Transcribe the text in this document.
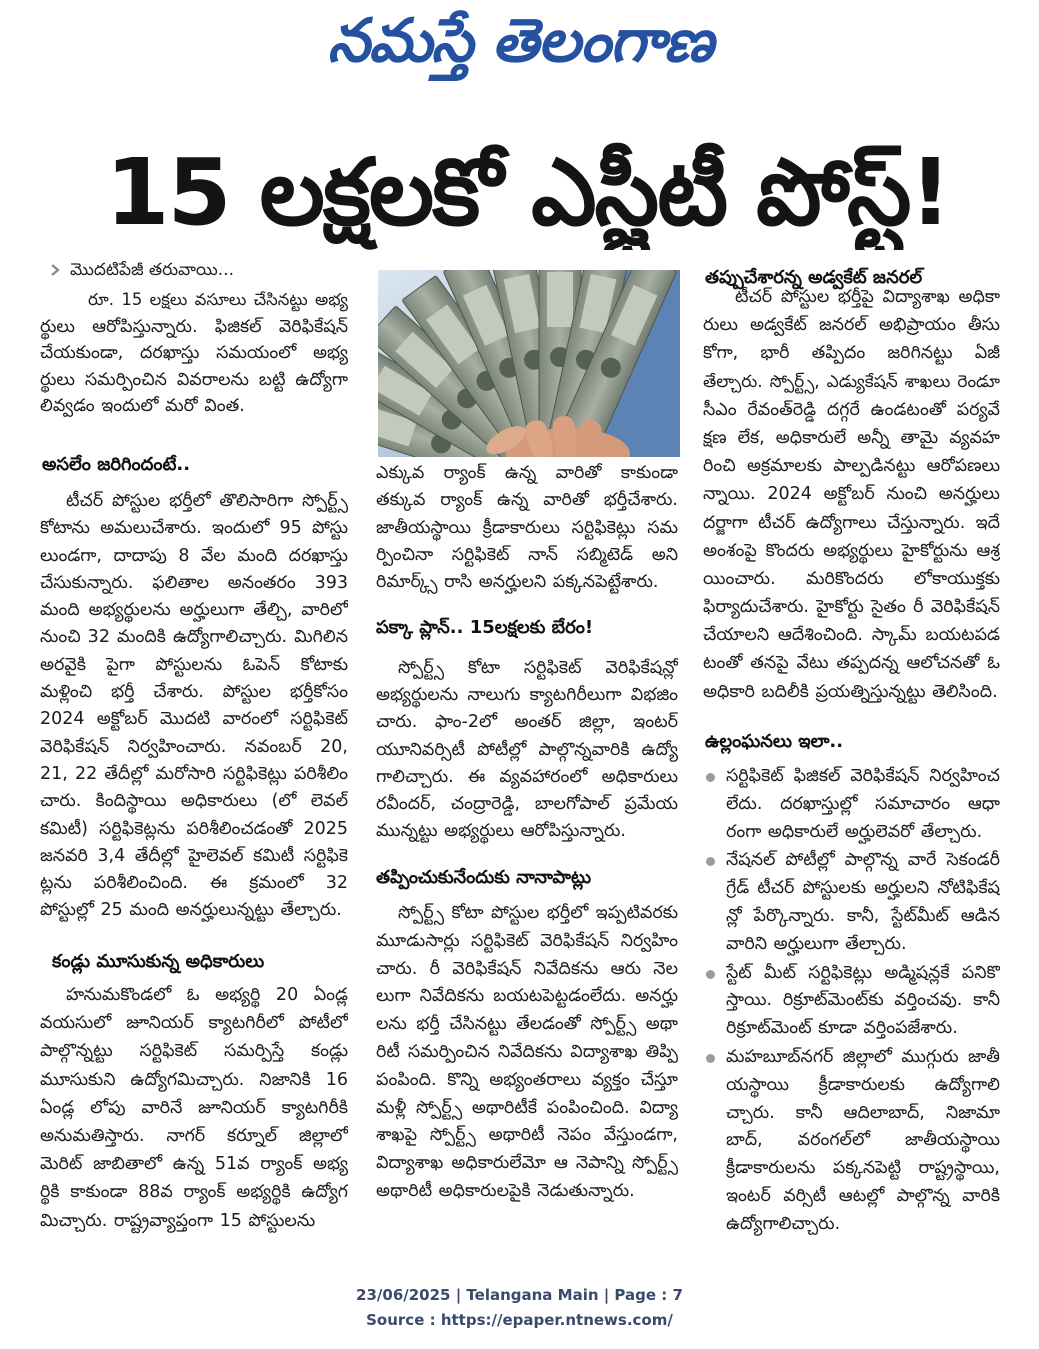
నమస్తే తెలంగాణ
15 లక్షలకో ఎస్జీటీ పోస్ట్!
మొదటిపేజీ తరువాయి...
రూ. 15 లక్షలు వసూలు చేసినట్టు అభ్య
ర్థులు ఆరోపిస్తున్నారు. ఫిజికల్ వెరిఫికేషన్
చేయకుండా, దరఖాస్తు సమయంలో అభ్య
ర్థులు సమర్పించిన వివరాలను బట్టి ఉద్యోగా
లివ్వడం ఇందులో మరో వింత.
అసలేం జరిగిందంటే..
టీచర్ పోస్టుల భర్తీలో తొలిసారిగా స్పోర్ట్స్
కోటాను అమలుచేశారు. ఇందులో 95 పోస్టు
లుండగా, దాదాపు 8 వేల మంది దరఖాస్తు
చేసుకున్నారు. ఫలితాల అనంతరం 393
మంది అభ్యర్థులను అర్హులుగా తేల్చి, వారిలో
నుంచి 32 మందికి ఉద్యోగాలిచ్చారు. మిగిలిన
అరవైకి పైగా పోస్టులను ఓపెన్ కోటాకు
మళ్లించి భర్తీ చేశారు. పోస్టుల భర్తీకోసం
2024 అక్టోబర్ మొదటి వారంలో సర్టిఫికెట్
వెరిఫికేషన్ నిర్వహించారు. నవంబర్ 20,
21, 22 తేదీల్లో మరోసారి సర్టిఫికెట్లు పరిశీలిం
చారు. కిందిస్థాయి అధికారులు (లో లెవల్
కమిటీ) సర్టిఫికెట్లను పరిశీలించడంతో 2025
జనవరి 3,4 తేదీల్లో హైలెవల్ కమిటీ సర్టిఫికె
ట్లను పరిశీలించింది. ఈ క్రమంలో 32
పోస్టుల్లో 25 మంది అనర్హులున్నట్టు తేల్చారు.
కండ్లు మూసుకున్న అధికారులు
హనుమకొండలో ఓ అభ్యర్థి 20 ఏండ్ల
వయసులో జూనియర్ క్యాటగిరీలో పోటీలో
పాల్గొన్నట్టు సర్టిఫికెట్ సమర్పిస్తే కండ్లు
మూసుకుని ఉద్యోగమిచ్చారు. నిజానికి 16
ఏండ్ల లోపు వారినే జూనియర్ క్యాటగిరీకి
అనుమతిస్తారు. నాగర్ కర్నూల్ జిల్లాలో
మెరిట్ జాబితాలో ఉన్న 51వ ర్యాంక్ అభ్య
ర్థికి కాకుండా 88వ ర్యాంక్ అభ్యర్థికి ఉద్యోగ
మిచ్చారు. రాష్ట్రవ్యాప్తంగా 15 పోస్టులను
ఎక్కువ ర్యాంక్ ఉన్న వారితో కాకుండా
తక్కువ ర్యాంక్ ఉన్న వారితో భర్తీచేశారు.
జాతీయస్థాయి క్రీడాకారులు సర్టిఫికెట్లు సమ
ర్పించినా సర్టిఫికెట్ నాన్ సబ్మిటెడ్ అని
రిమార్క్స్ రాసి అనర్హులని పక్కనపెట్టేశారు.
పక్కా ప్లాన్.. 15లక్షలకు బేరం!
స్పోర్ట్స్ కోటా సర్టిఫికెట్ వెరిఫికేషన్లో
అభ్యర్థులను నాలుగు క్యాటగిరీలుగా విభజిం
చారు. ఫాం-2లో అంతర్ జిల్లా, ఇంటర్
యూనివర్సిటీ పోటీల్లో పాల్గొన్నవారికి ఉద్యో
గాలిచ్చారు. ఈ వ్యవహారంలో అధికారులు
రవీందర్, చంద్రారెడ్డి, బాలగోపాల్ ప్రమేయ
మున్నట్టు అభ్యర్థులు ఆరోపిస్తున్నారు.
తప్పించుకునేందుకు నానాపాట్లు
స్పోర్ట్స్ కోటా పోస్టుల భర్తీలో ఇప్పటివరకు
మూడుసార్లు సర్టిఫికెట్ వెరిఫికేషన్ నిర్వహిం
చారు. రీ వెరిఫికేషన్ నివేదికను ఆరు నెల
లుగా నివేదికను బయటపెట్టడంలేదు. అనర్హు
లను భర్తీ చేసినట్టు తేలడంతో స్పోర్ట్స్ అథా
రిటీ సమర్పించిన నివేదికను విద్యాశాఖ తిప్పి
పంపింది. కొన్ని అభ్యంతరాలు వ్యక్తం చేస్తూ
మళ్లీ స్పోర్ట్స్ అథారిటీకే పంపించింది. విద్యా
శాఖపై స్పోర్ట్స్ అథారిటీ నెపం వేస్తుండగా,
విద్యాశాఖ అధికారులేమో ఆ నెపాన్ని స్పోర్ట్స్
అథారిటీ అధికారులపైకి నెడుతున్నారు.
తప్పుచేశారన్న అడ్వకేట్ జనరల్
టీచర్ పోస్టుల భర్తీపై విద్యాశాఖ అధికా
రులు అడ్వకేట్ జనరల్ అభిప్రాయం తీసు
కోగా, భారీ తప్పిదం జరిగినట్టు ఏజీ
తేల్చారు. స్పోర్ట్స్, ఎడ్యుకేషన్ శాఖలు రెండూ
సీఎం రేవంత్‌రెడ్డి దగ్గరే ఉండటంతో పర్యవే
క్షణ లేక, అధికారులే అన్నీ తామై వ్యవహ
రించి అక్రమాలకు పాల్పడినట్టు ఆరోపణలు
న్నాయి. 2024 అక్టోబర్ నుంచి అనర్హులు
దర్జాగా టీచర్ ఉద్యోగాలు చేస్తున్నారు. ఇదే
అంశంపై కొందరు అభ్యర్థులు హైకోర్టును ఆశ్ర
యించారు. మరికొందరు లోకాయుక్తకు
ఫిర్యాదుచేశారు. హైకోర్టు సైతం రీ వెరిఫికేషన్
చేయాలని ఆదేశించింది. స్కామ్ బయటపడ
టంతో తనపై వేటు తప్పదన్న ఆలోచనతో ఓ
అధికారి బదిలీకి ప్రయత్నిస్తున్నట్టు తెలిసింది.
ఉల్లంఘనలు ఇలా..
సర్టిఫికెట్ ఫిజికల్ వెరిఫికేషన్ నిర్వహించ
లేదు. దరఖాస్తుల్లో సమాచారం ఆధా
రంగా అధికారులే అర్హులెవరో తేల్చారు.
నేషనల్ పోటీల్లో పాల్గొన్న వారే సెకండరీ
గ్రేడ్ టీచర్ పోస్టులకు అర్హులని నోటిఫికేష
న్లో పేర్కొన్నారు. కానీ, స్టేట్‌మీట్ ఆడిన
వారిని అర్హులుగా తేల్చారు.
స్టేట్ మీట్ సర్టిఫికెట్లు అడ్మిషన్లకే పనికొ
స్తాయి. రిక్రూట్‌మెంట్‌కు వర్తించవు. కానీ
రిక్రూట్‌మెంట్ కూడా వర్తింపజేశారు.
మహబూబ్‌నగర్ జిల్లాలో ముగ్గురు జాతీ
యస్థాయి క్రీడాకారులకు ఉద్యోగాలి
చ్చారు. కానీ ఆదిలాబాద్, నిజామా
బాద్, వరంగల్‌లో జాతీయస్థాయి
క్రీడాకారులను పక్కనపెట్టి రాష్ట్రస్థాయి,
ఇంటర్ వర్సిటీ ఆటల్లో పాల్గొన్న వారికి
ఉద్యోగాలిచ్చారు.
23/06/2025 | Telangana Main | Page : 7
Source : https://epaper.ntnews.com/
